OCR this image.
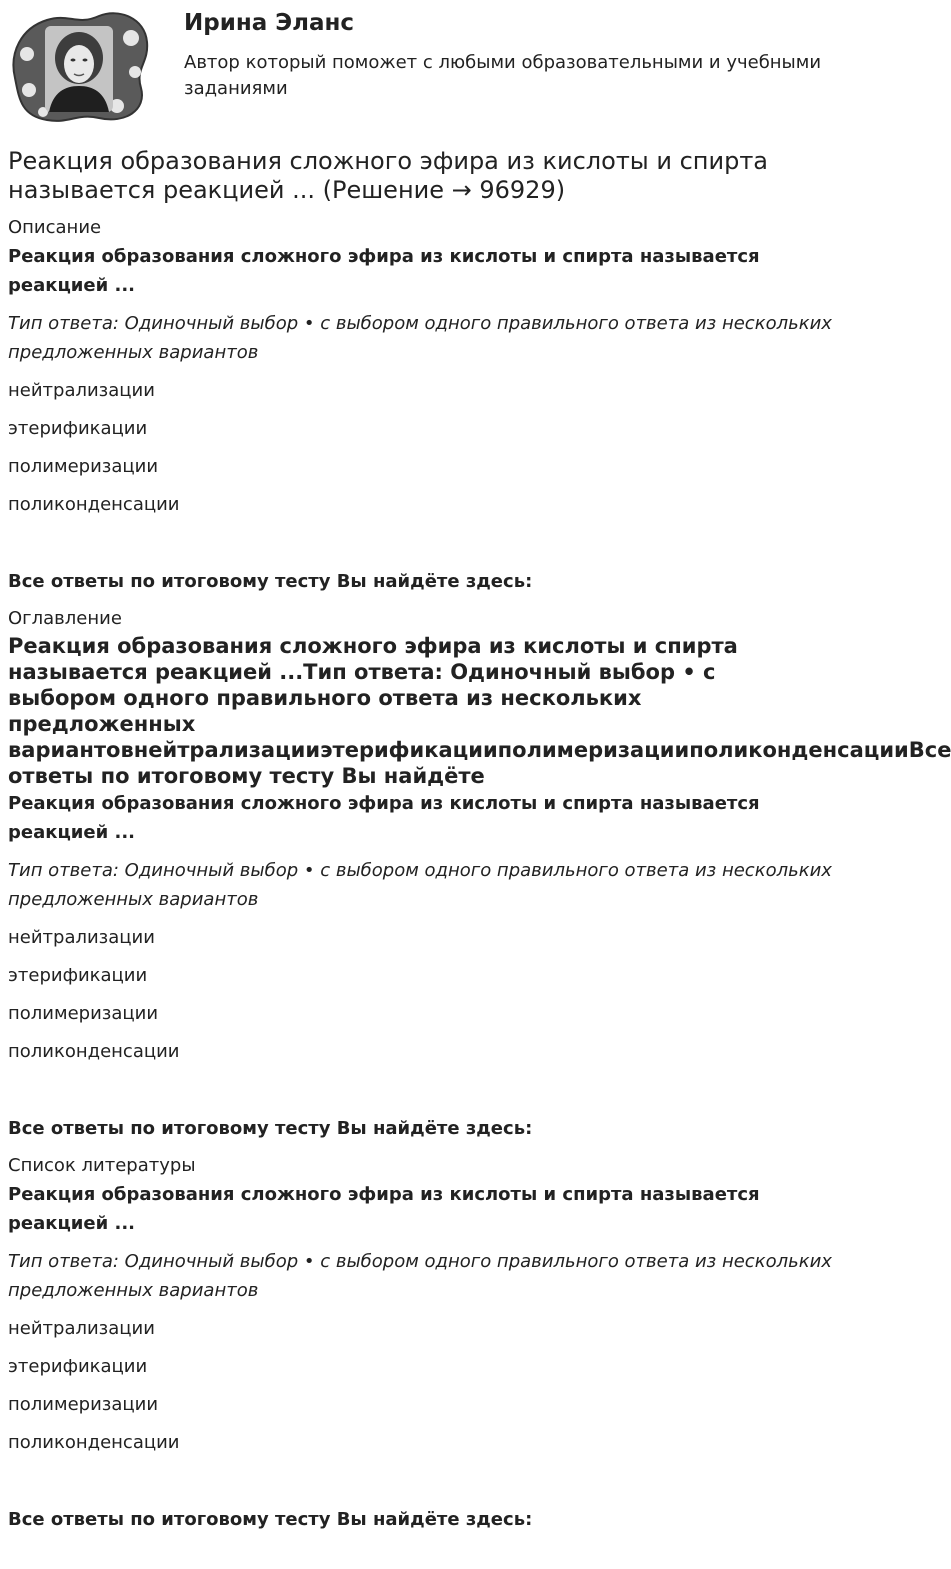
Ирина Эланс

Автор который поможет с любыми образовательными и учебными заданиями

Реакция образования сложного эфира из кислоты и спирта называется реакцией ... (Решение → 96929)

Описание

Реакция образования сложного эфира из кислоты и спирта называется реакцией ...

Тип ответа: Одиночный выбор • с выбором одного правильного ответа из нескольких предложенных вариантов

нейтрализации

этерификации

полимеризации

поликонденсации

Все ответы по итоговому тесту Вы найдёте здесь:

Оглавление

Реакция образования сложного эфира из кислоты и спирта
называется реакцией ...Тип ответа: Одиночный выбор • с
выбором одного правильного ответа из нескольких
предложенных
вариантовнейтрализацииэтерификацииполимеризацииполиконденсацииВсе
ответы по итоговому тесту Вы найдёте

Реакция образования сложного эфира из кислоты и спирта называется реакцией ...

Тип ответа: Одиночный выбор • с выбором одного правильного ответа из нескольких предложенных вариантов

нейтрализации

этерификации

полимеризации

поликонденсации

Все ответы по итоговому тесту Вы найдёте здесь:

Список литературы

Реакция образования сложного эфира из кислоты и спирта называется реакцией ...

Тип ответа: Одиночный выбор • с выбором одного правильного ответа из нескольких предложенных вариантов

нейтрализации

этерификации

полимеризации

поликонденсации

Все ответы по итоговому тесту Вы найдёте здесь:
